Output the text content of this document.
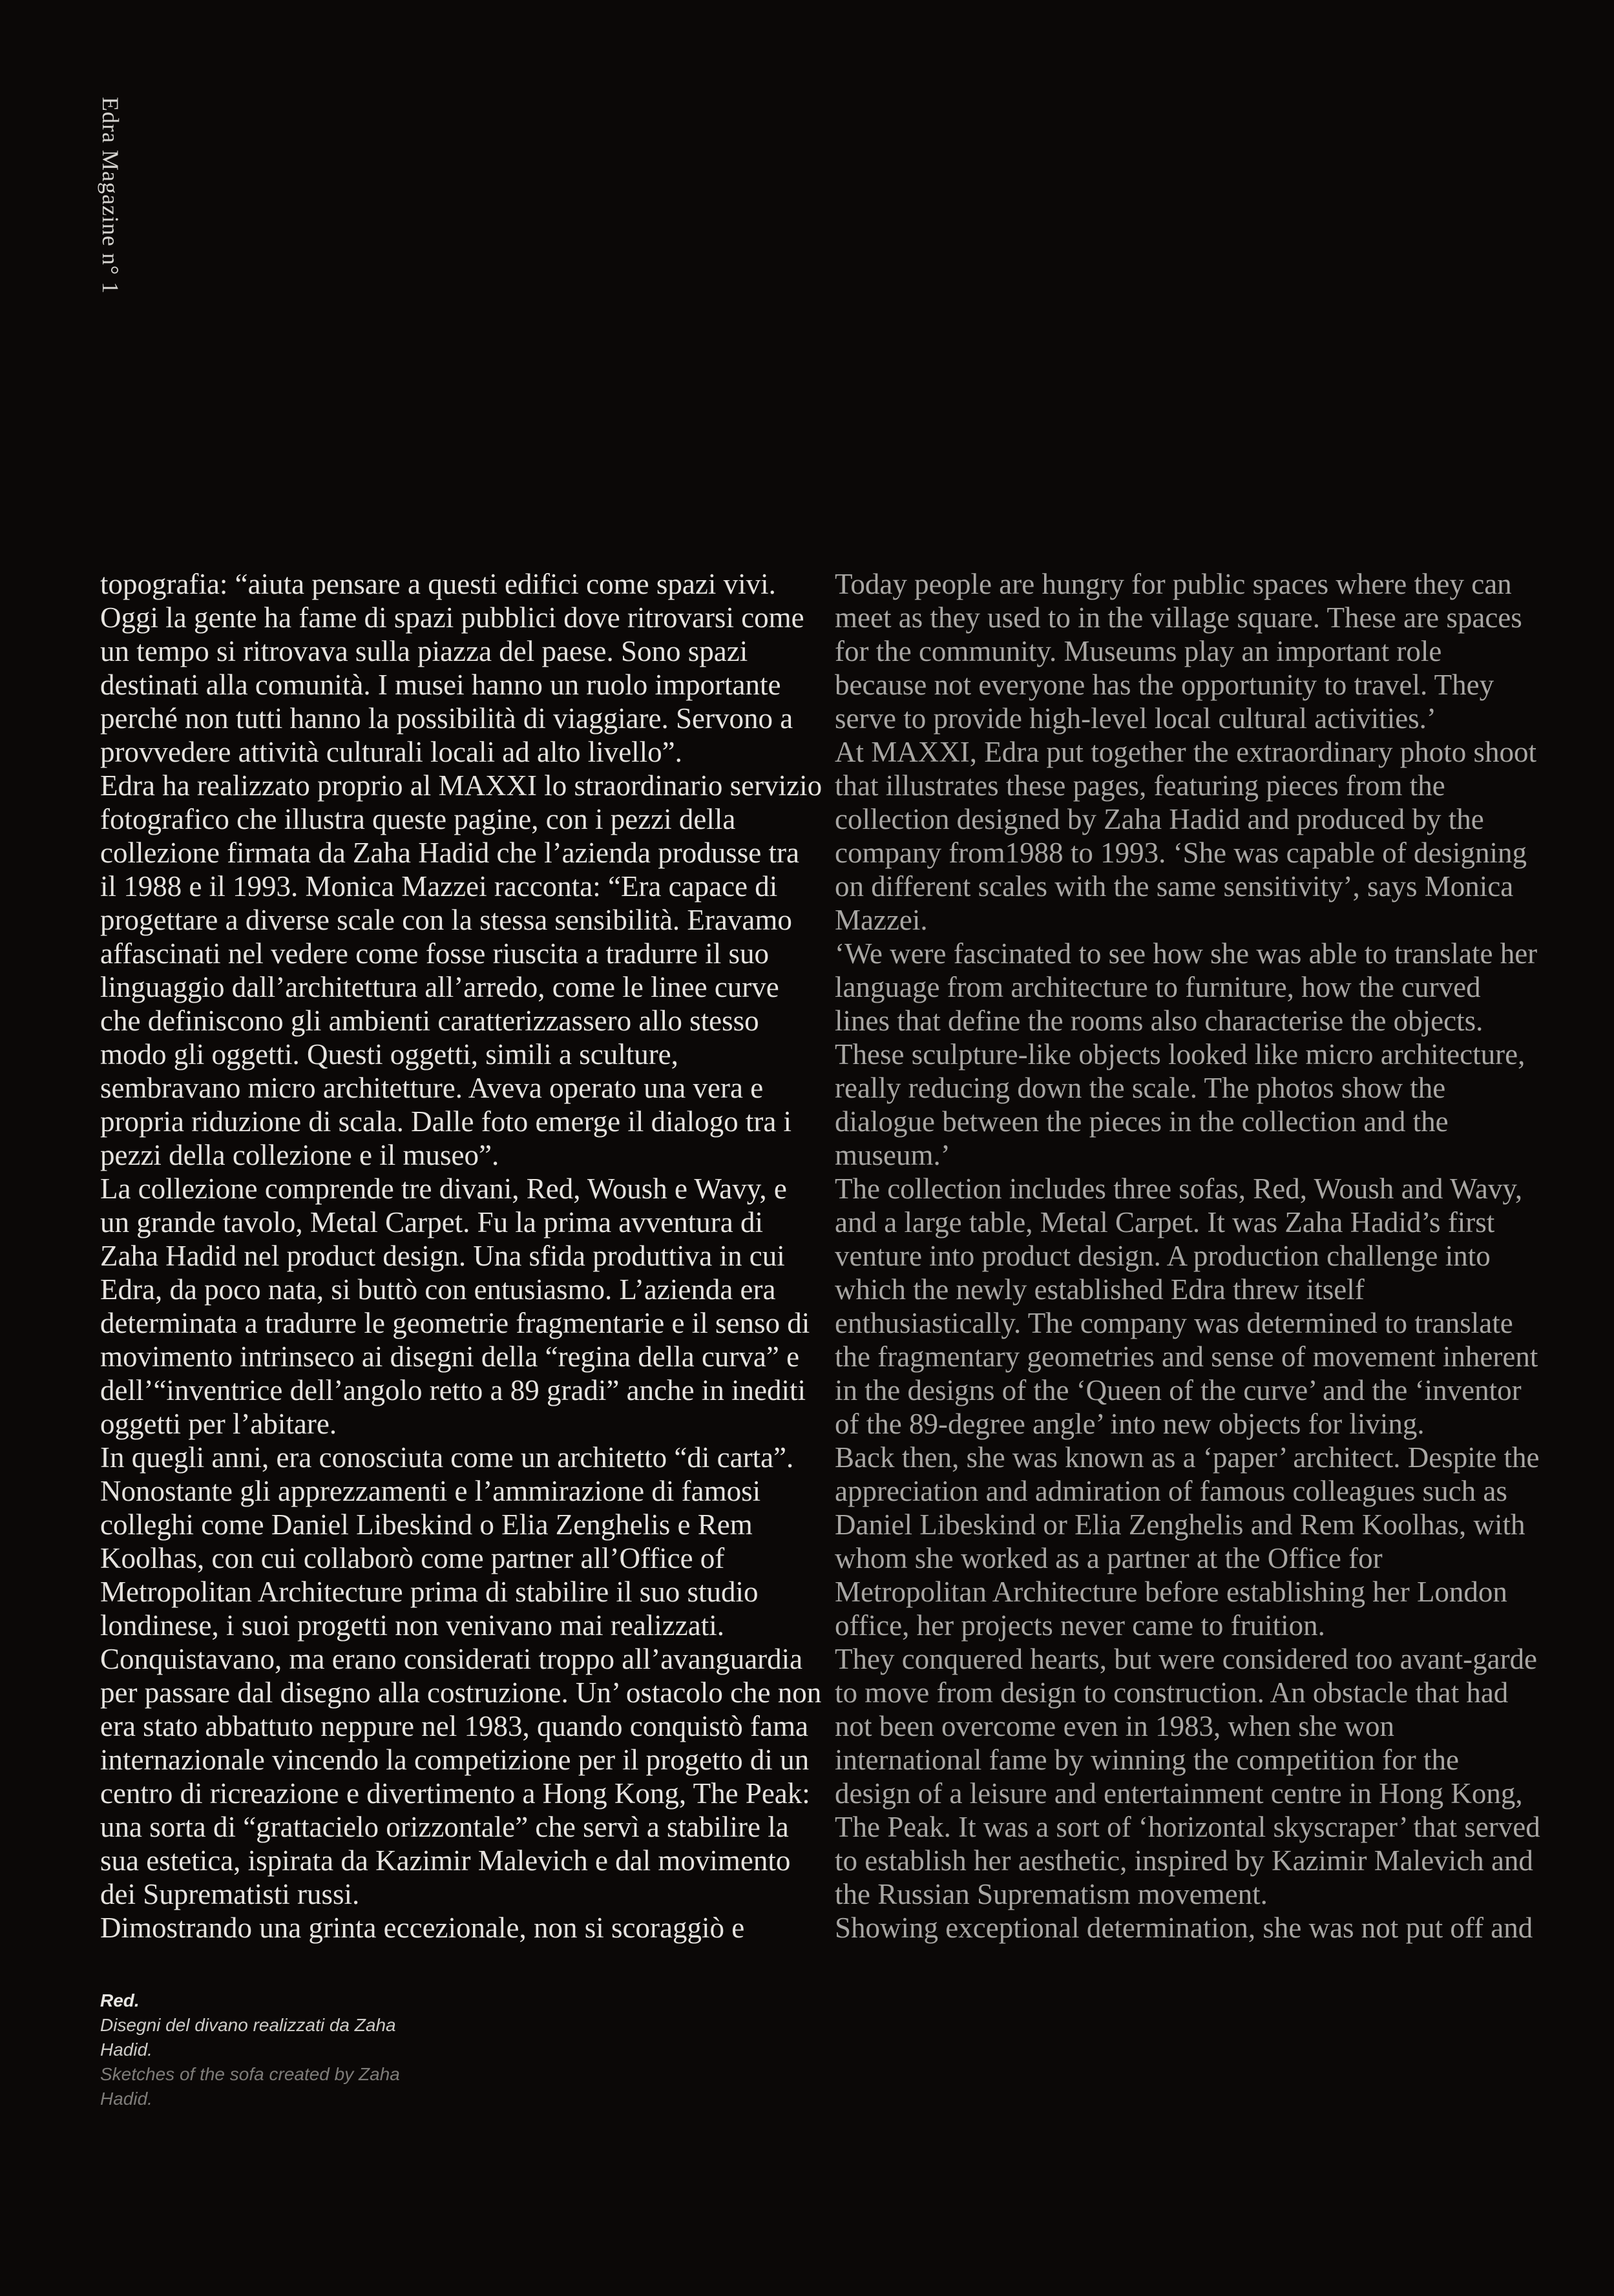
Edra Magazine n° 1

topografia: “aiuta pensare a questi edifici come spazi vivi. Oggi la gente ha fame di spazi pubblici dove ritrovarsi come un tempo si ritrovava sulla piazza del paese. Sono spazi destinati alla comunità. I musei hanno un ruolo importante perché non tutti hanno la possibilità di viaggiare. Servono a provvedere attività culturali locali ad alto livello”.

Edra ha realizzato proprio al MAXXI lo straordinario servizio fotografico che illustra queste pagine, con i pezzi della collezione firmata da Zaha Hadid che l’azienda produsse tra il 1988 e il 1993. Monica Mazzei racconta: “Era capace di progettare a diverse scale con la stessa sensibilità. Eravamo affascinati nel vedere come fosse riuscita a tradurre il suo linguaggio dall’architettura all’arredo, come le linee curve che definiscono gli ambienti caratterizzassero allo stesso modo gli oggetti. Questi oggetti, simili a sculture, sembravano micro architetture. Aveva operato una vera e propria riduzione di scala. Dalle foto emerge il dialogo tra i pezzi della collezione e il museo”.

La collezione comprende tre divani, Red, Woush e Wavy, e un grande tavolo, Metal Carpet. Fu la prima avventura di Zaha Hadid nel product design. Una sfida produttiva in cui Edra, da poco nata, si buttò con entusiasmo. L’azienda era determinata a tradurre le geometrie fragmentarie e il senso di movimento intrinseco ai disegni della “regina della curva” e dell’“inventrice dell’angolo retto a 89 gradi” anche in inediti oggetti per l’abitare.

In quegli anni, era conosciuta come un architetto “di carta”. Nonostante gli apprezzamenti e l’ammirazione di famosi colleghi come Daniel Libeskind o Elia Zenghelis e Rem Koolhas, con cui collaborò come partner all’Office of Metropolitan Architecture prima di stabilire il suo studio londinese, i suoi progetti non venivano mai realizzati. Conquistavano, ma erano considerati troppo all’avanguardia per passare dal disegno alla costruzione. Un’ ostacolo che non era stato abbattuto neppure nel 1983, quando conquistò fama internazionale vincendo la competizione per il progetto di un centro di ricreazione e divertimento a Hong Kong, The Peak: una sorta di “grattacielo orizzontale” che servì a stabilire la sua estetica, ispirata da Kazimir Malevich e dal movimento dei Suprematisti russi.

Dimostrando una grinta eccezionale, non si scoraggiò e

Today people are hungry for public spaces where they can meet as they used to in the village square. These are spaces for the community. Museums play an important role because not everyone has the opportunity to travel. They serve to provide high-level local cultural activities.’

At MAXXI, Edra put together the extraordinary photo shoot that illustrates these pages, featuring pieces from the collection designed by Zaha Hadid and produced by the company from1988 to 1993. ‘She was capable of designing on different scales with the same sensitivity’, says Monica Mazzei.

‘We were fascinated to see how she was able to translate her language from architecture to furniture, how the curved lines that define the rooms also characterise the objects. These sculpture-like objects looked like micro architecture, really reducing down the scale. The photos show the dialogue between the pieces in the collection and the museum.’

The collection includes three sofas, Red, Woush and Wavy, and a large table, Metal Carpet. It was Zaha Hadid’s first venture into product design. A production challenge into which the newly established Edra threw itself enthusiastically. The company was determined to translate the fragmentary geometries and sense of movement inherent in the designs of the ‘Queen of the curve’ and the ‘inventor of the 89-degree angle’ into new objects for living.

Back then, she was known as a ‘paper’ architect. Despite the appreciation and admiration of famous colleagues such as Daniel Libeskind or Elia Zenghelis and Rem Koolhas, with whom she worked as a partner at the Office for Metropolitan Architecture before establishing her London office, her projects never came to fruition.

They conquered hearts, but were considered too avant-garde to move from design to construction. An obstacle that had not been overcome even in 1983, when she won international fame by winning the competition for the design of a leisure and entertainment centre in Hong Kong, The Peak. It was a sort of ‘horizontal skyscraper’ that served to establish her aesthetic, inspired by Kazimir Malevich and the Russian Suprematism movement.

Showing exceptional determination, she was not put off and

Red.
Disegni del divano realizzati da Zaha Hadid.
Sketches of the sofa created by Zaha Hadid.
